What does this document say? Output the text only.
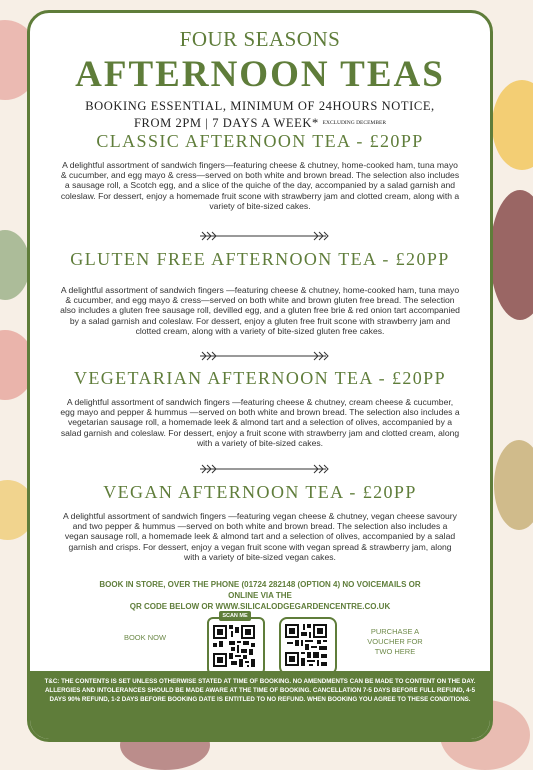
FOUR SEASONS
AFTERNOON TEAS
BOOKING ESSENTIAL, MINIMUM OF 24HOURS NOTICE,
FROM 2PM | 7 DAYS A WEEK* $^{EXCLUDING DECEMBER}$
CLASSIC AFTERNOON TEA - £20PP
A delightful assortment of sandwich fingers—featuring cheese & chutney, home-cooked ham, tuna mayo & cucumber, and egg mayo & cress—served on both white and brown bread. The selection also includes a sausage roll, a Scotch egg, and a slice of the quiche of the day, accompanied by a salad garnish and coleslaw. For dessert, enjoy a homemade fruit scone with strawberry jam and clotted cream, along with a variety of bite-sized cakes.
GLUTEN FREE AFTERNOON TEA - £20PP
A delightful assortment of sandwich fingers —featuring cheese & chutney, home-cooked ham, tuna mayo & cucumber, and egg mayo & cress—served on both white and brown gluten free bread. The selection also includes a gluten free sausage roll, devilled egg, and a gluten free brie & red onion tart accompanied by a salad garnish and coleslaw. For dessert, enjoy a gluten free fruit scone with strawberry jam and clotted cream, along with a variety of bite-sized gluten free cakes.
VEGETARIAN AFTERNOON TEA - £20PP
A delightful assortment of sandwich fingers —featuring cheese & chutney, cream cheese & cucumber, egg mayo and pepper & hummus —served on both white and brown bread. The selection also includes a vegetarian sausage roll, a homemade leek & almond tart and a selection of olives, accompanied by a salad garnish and coleslaw. For dessert, enjoy a fruit scone with strawberry jam and clotted cream, along with a variety of bite-sized cakes.
VEGAN AFTERNOON TEA - £20PP
A delightful assortment of sandwich fingers —featuring vegan cheese & chutney, vegan cheese savoury and two pepper & hummus —served on both white and brown bread. The selection also includes a vegan sausage roll, a homemade leek & almond tart and a selection of olives, accompanied by a salad garnish and crisps. For dessert, enjoy a vegan fruit scone with vegan spread & strawberry jam, along with a variety of bite-sized vegan cakes.
BOOK IN STORE, OVER THE PHONE (01724 282148 (OPTION 4) NO VOICEMAILS OR
ONLINE VIA THE
QR CODE BELOW OR WWW.SILICALODGEGARDENCENTRE.CO.UK
BOOK NOW
PURCHASE A VOUCHER FOR TWO HERE
SCAN ME
T&C: THE CONTENTS IS SET UNLESS OTHERWISE STATED AT TIME OF BOOKING. NO AMENDMENTS CAN BE MADE TO CONTENT ON THE DAY. ALLERGIES AND INTOLERANCES SHOULD BE MADE AWARE AT THE TIME OF BOOKING. CANCELLATION 7-5 DAYS BEFORE FULL REFUND, 4-5 DAYS 90% REFUND, 1-2 DAYS BEFORE BOOKING DATE IS ENTITLED TO NO REFUND. WHEN BOOKING YOU AGREE TO THESE CONDITIONS.
